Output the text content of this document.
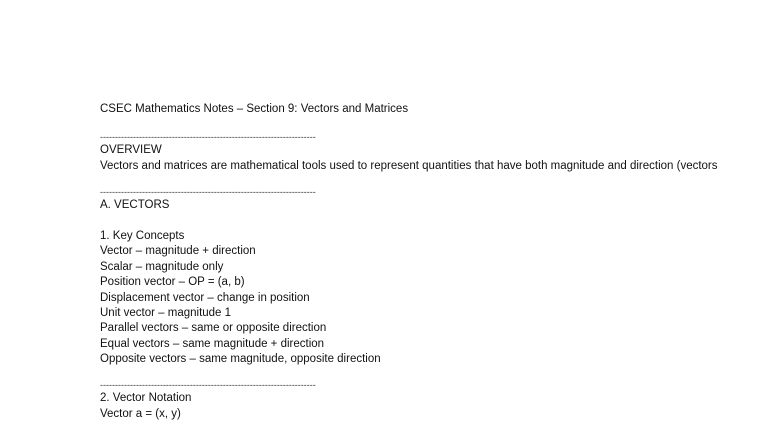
CSEC Mathematics Notes – Section 9: Vectors and Matrices
------------------------------------------------------------------------
OVERVIEW
Vectors and matrices are mathematical tools used to represent quantities that have both magnitude and direction (vectors
------------------------------------------------------------------------
A. VECTORS
1. Key Concepts
Vector – magnitude + direction
Scalar – magnitude only
Position vector – OP = (a, b)
Displacement vector – change in position
Unit vector – magnitude 1
Parallel vectors – same or opposite direction
Equal vectors – same magnitude + direction
Opposite vectors – same magnitude, opposite direction
------------------------------------------------------------------------
2. Vector Notation
Vector a = (x, y)
